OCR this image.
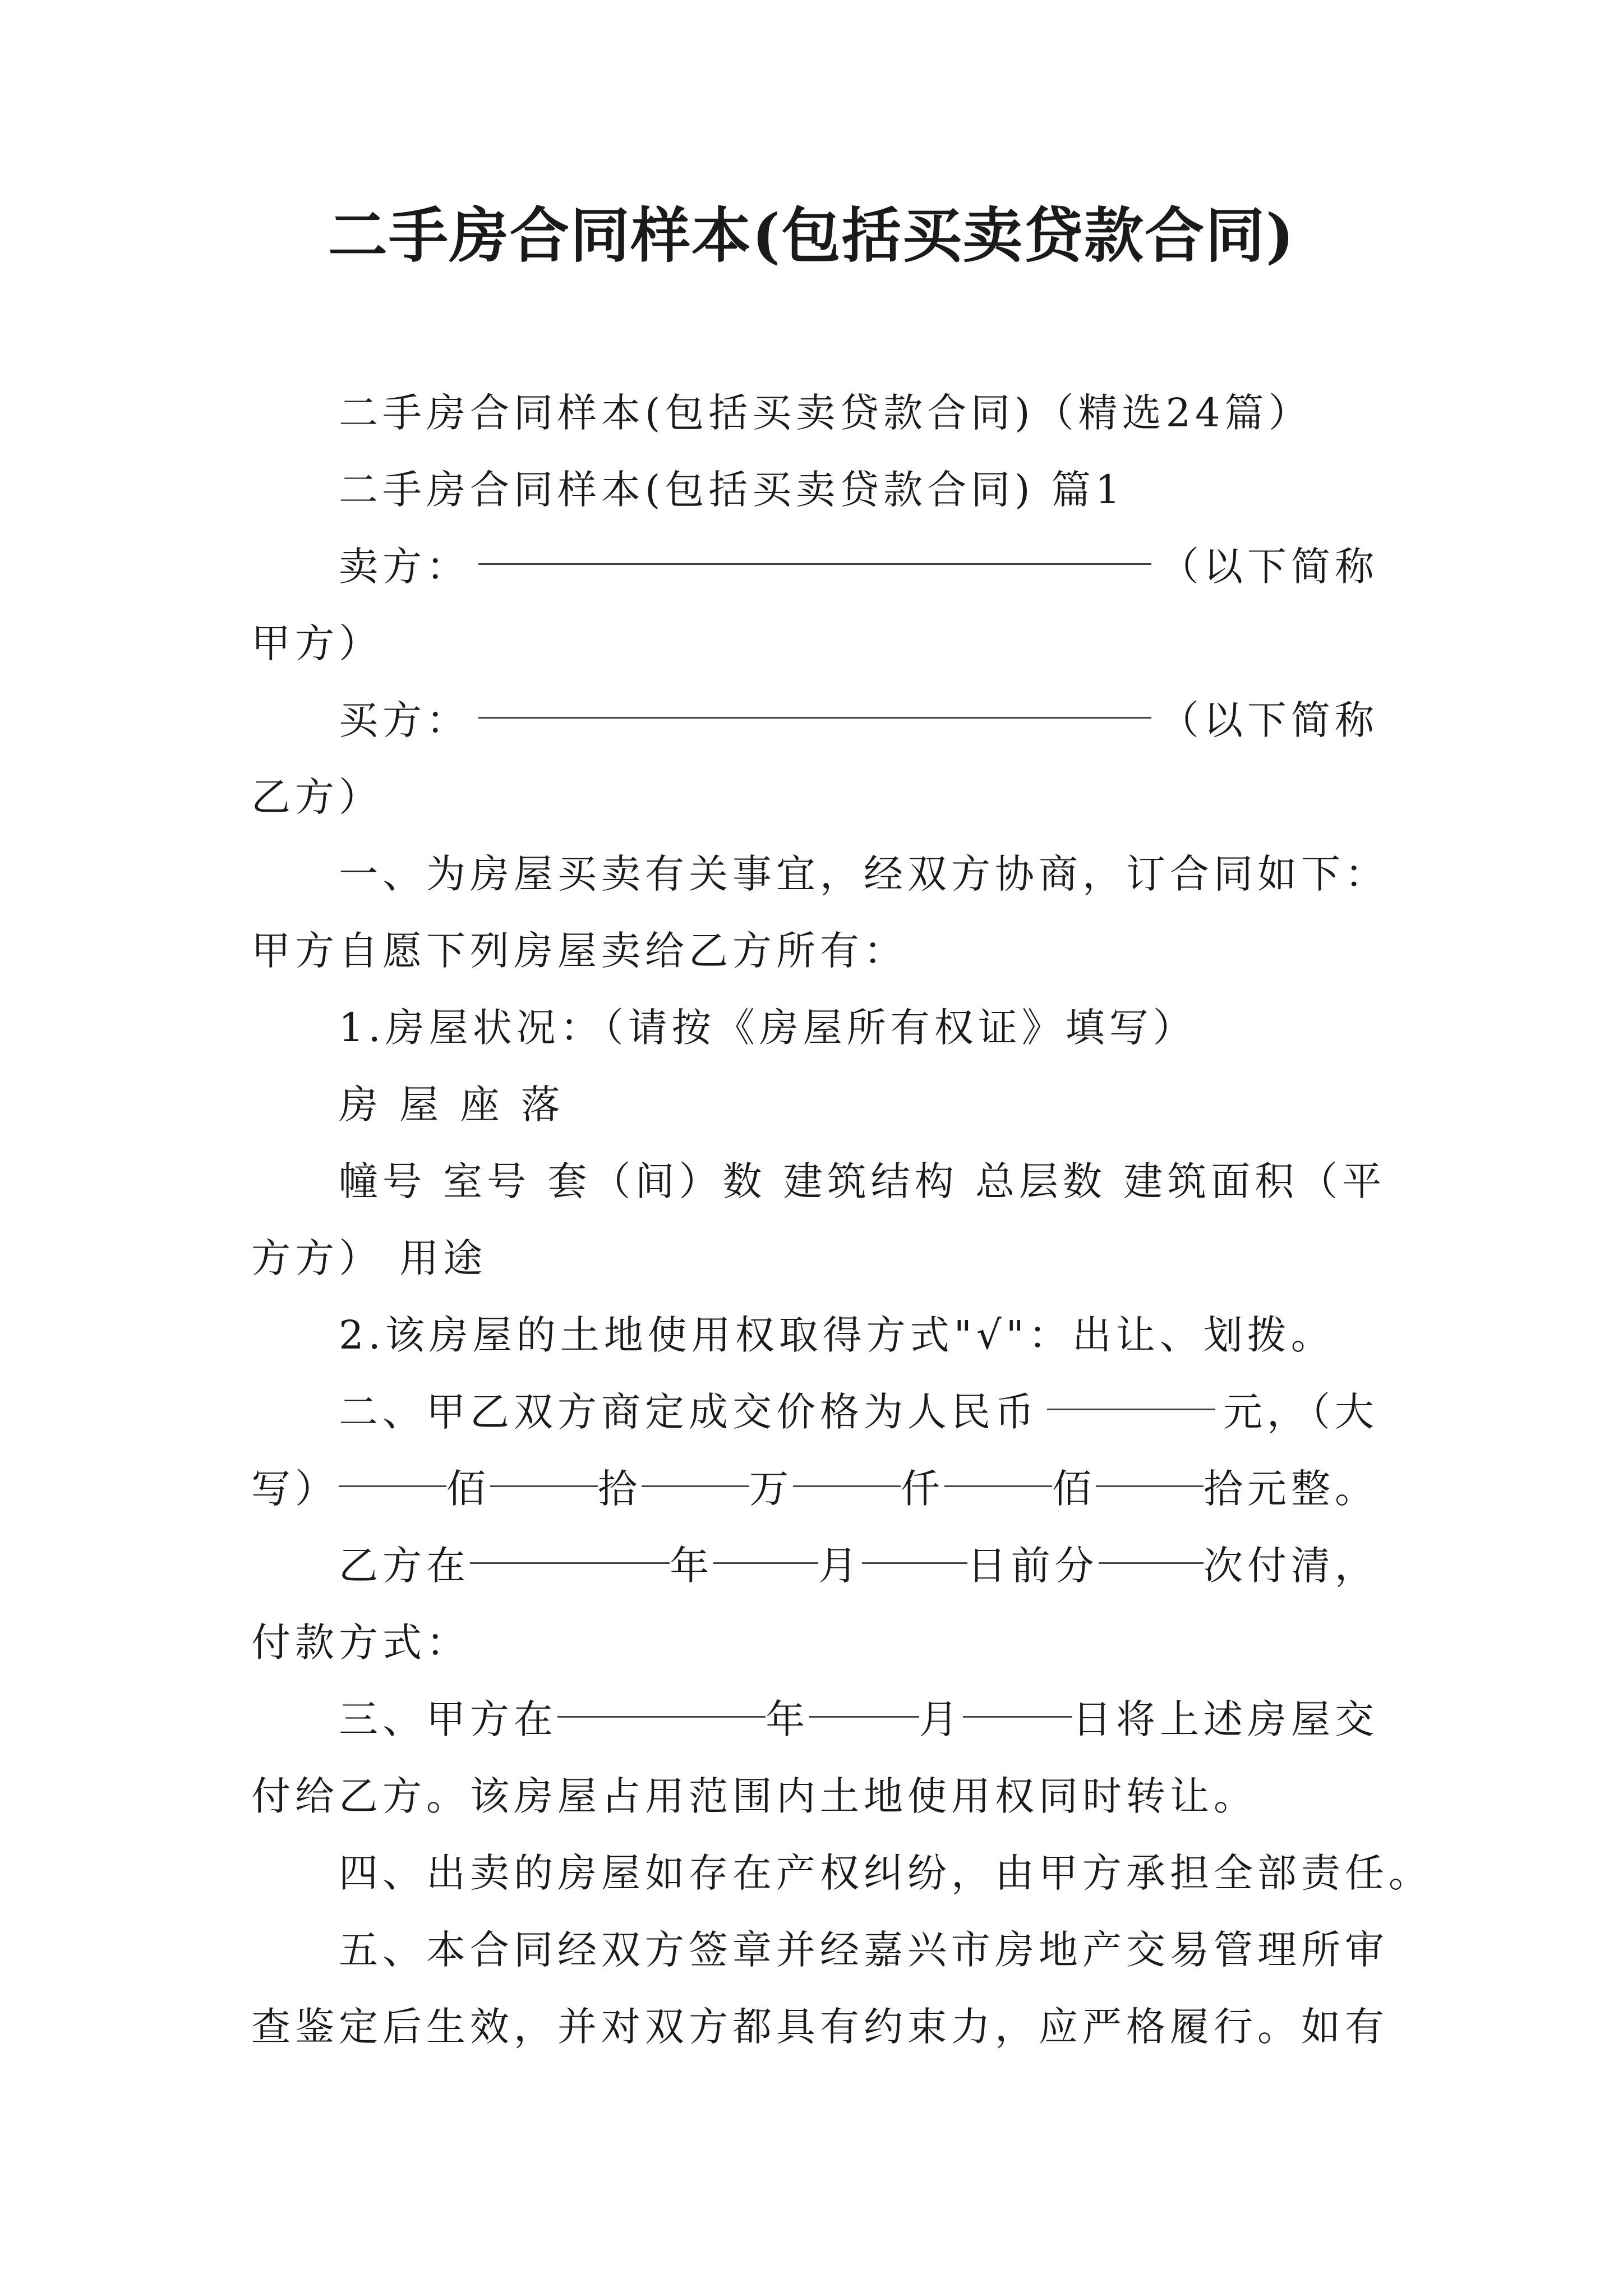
二手房合同样本(包括买卖贷款合同)
二手房合同样本(包括买卖贷款合同)（精选24篇）
二手房合同样本(包括买卖贷款合同) 篇1
卖方：	（以下简称
甲方）
买方：	（以下简称
乙方）
一、为房屋买卖有关事宜，经双方协商，订合同如下：
甲方自愿下列房屋卖给乙方所有：
1.房屋状况：（请按《房屋所有权证》填写）
房 屋 座 落
幢号 室号 套（间）数 建筑结构 总层数 建筑面积（平
方方） 用途
2.该房屋的土地使用权取得方式"√"：出让、划拨。
二、甲乙双方商定成交价格为人民币	元，（大
写）	佰	拾	万	仟	佰	拾元整。
乙方在	年	月	日前分	次付清，
付款方式：
三、甲方在	年	月	日将上述房屋交
付给乙方。该房屋占用范围内土地使用权同时转让。
四、出卖的房屋如存在产权纠纷，由甲方承担全部责任。
五、本合同经双方签章并经嘉兴市房地产交易管理所审
查鉴定后生效，并对双方都具有约束力，应严格履行。如有
